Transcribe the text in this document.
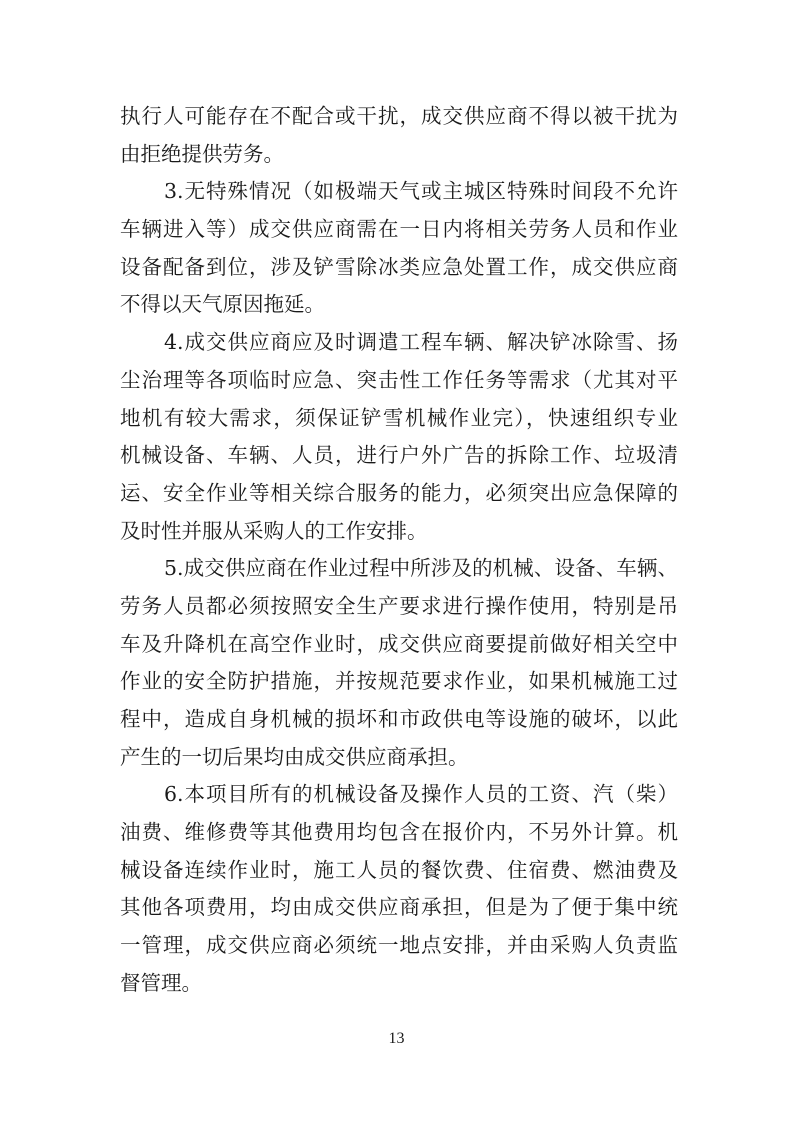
执行人可能存在不配合或干扰，成交供应商不得以被干扰为
由拒绝提供劳务。
3.无特殊情况（如极端天气或主城区特殊时间段不允许
车辆进入等）成交供应商需在一日内将相关劳务人员和作业
设备配备到位，涉及铲雪除冰类应急处置工作，成交供应商
不得以天气原因拖延。
4.成交供应商应及时调遣工程车辆、解决铲冰除雪、扬
尘治理等各项临时应急、突击性工作任务等需求（尤其对平
地机有较大需求，须保证铲雪机械作业完），快速组织专业
机械设备、车辆、人员，进行户外广告的拆除工作、垃圾清
运、安全作业等相关综合服务的能力，必须突出应急保障的
及时性并服从采购人的工作安排。
5.成交供应商在作业过程中所涉及的机械、设备、车辆、
劳务人员都必须按照安全生产要求进行操作使用，特别是吊
车及升降机在高空作业时，成交供应商要提前做好相关空中
作业的安全防护措施，并按规范要求作业，如果机械施工过
程中，造成自身机械的损坏和市政供电等设施的破坏，以此
产生的一切后果均由成交供应商承担。
6.本项目所有的机械设备及操作人员的工资、汽（柴）
油费、维修费等其他费用均包含在报价内，不另外计算。机
械设备连续作业时，施工人员的餐饮费、住宿费、燃油费及
其他各项费用，均由成交供应商承担，但是为了便于集中统
一管理，成交供应商必须统一地点安排，并由采购人负责监
督管理。
13
